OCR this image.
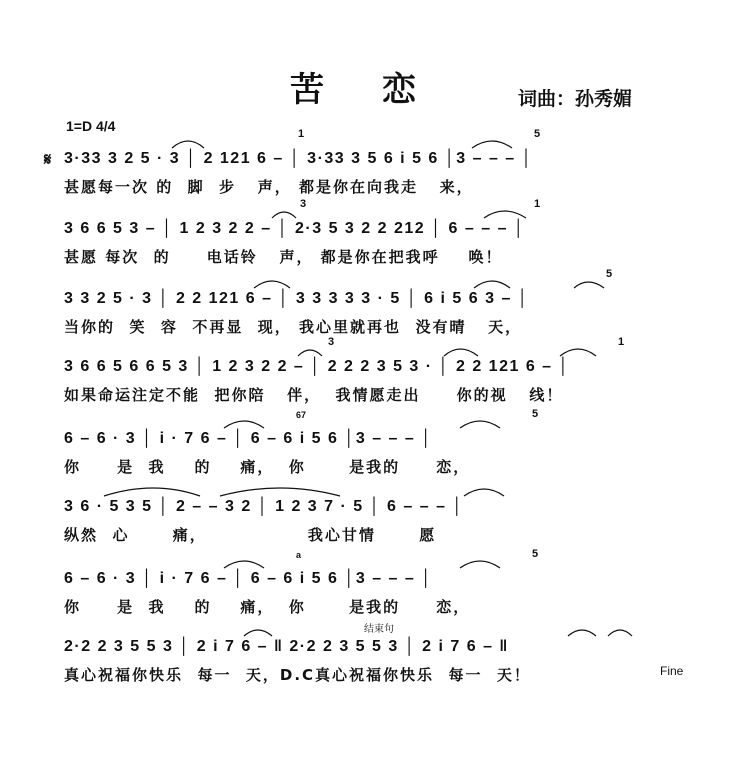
苦恋 词曲：孙秀媚
1=D 4/4
𝄋
Fine
1	5
3·33 3 2 5 · 3 │ 2 121 6 – │ 3·33 3 5 6 i 5 6 │3 – – – │
甚愿每一次 的  脚  步   声， 都是你在向我走   来，
3	1
3 6 6 5 3 – │ 1 2 3 2 2 – │ 2·3 5 3 2 2 212 │ 6 – – – │
甚愿 每次  的     电话铃   声， 都是你在把我呼    唤！
5
3 3 2 5 · 3 │ 2 2 121 6 – │ 3 3 3 3 3 · 5 │ 6 i 5 6 3 – │
当你的  笑  容  不再显  现， 我心里就再也  没有晴   天，
3	1
3 6 6 5 6 6 5 3 │ 1 2 3 2 2 – │ 2 2 2 3 5 3 · │ 2 2 121 6 – │
如果命运注定不能  把你陪   伴，  我情愿走出     你的视   线！
67	5
6 – 6 · 3 │ i · 7 6 – │ 6 – 6 i 5 6 │3 – – – │
你     是  我    的    痛，  你      是我的     恋，
3 6 · 5 3 5 │ 2 – – 3 2 │ 1 2 3 7 · 5 │ 6 – – – │
纵然  心      痛，              我心甘情      愿
a	5
6 – 6 · 3 │ i · 7 6 – │ 6 – 6 i 5 6 │3 – – – │
你     是  我    的    痛，  你      是我的     恋，
结束句
2·2 2 3 5 5 3 │ 2 i 7 6 – ‖ 2·2 2 3 5 5 3 │ 2 i 7 6 – ‖
真心祝福你快乐  每一  天，D.C真心祝福你快乐  每一  天！
